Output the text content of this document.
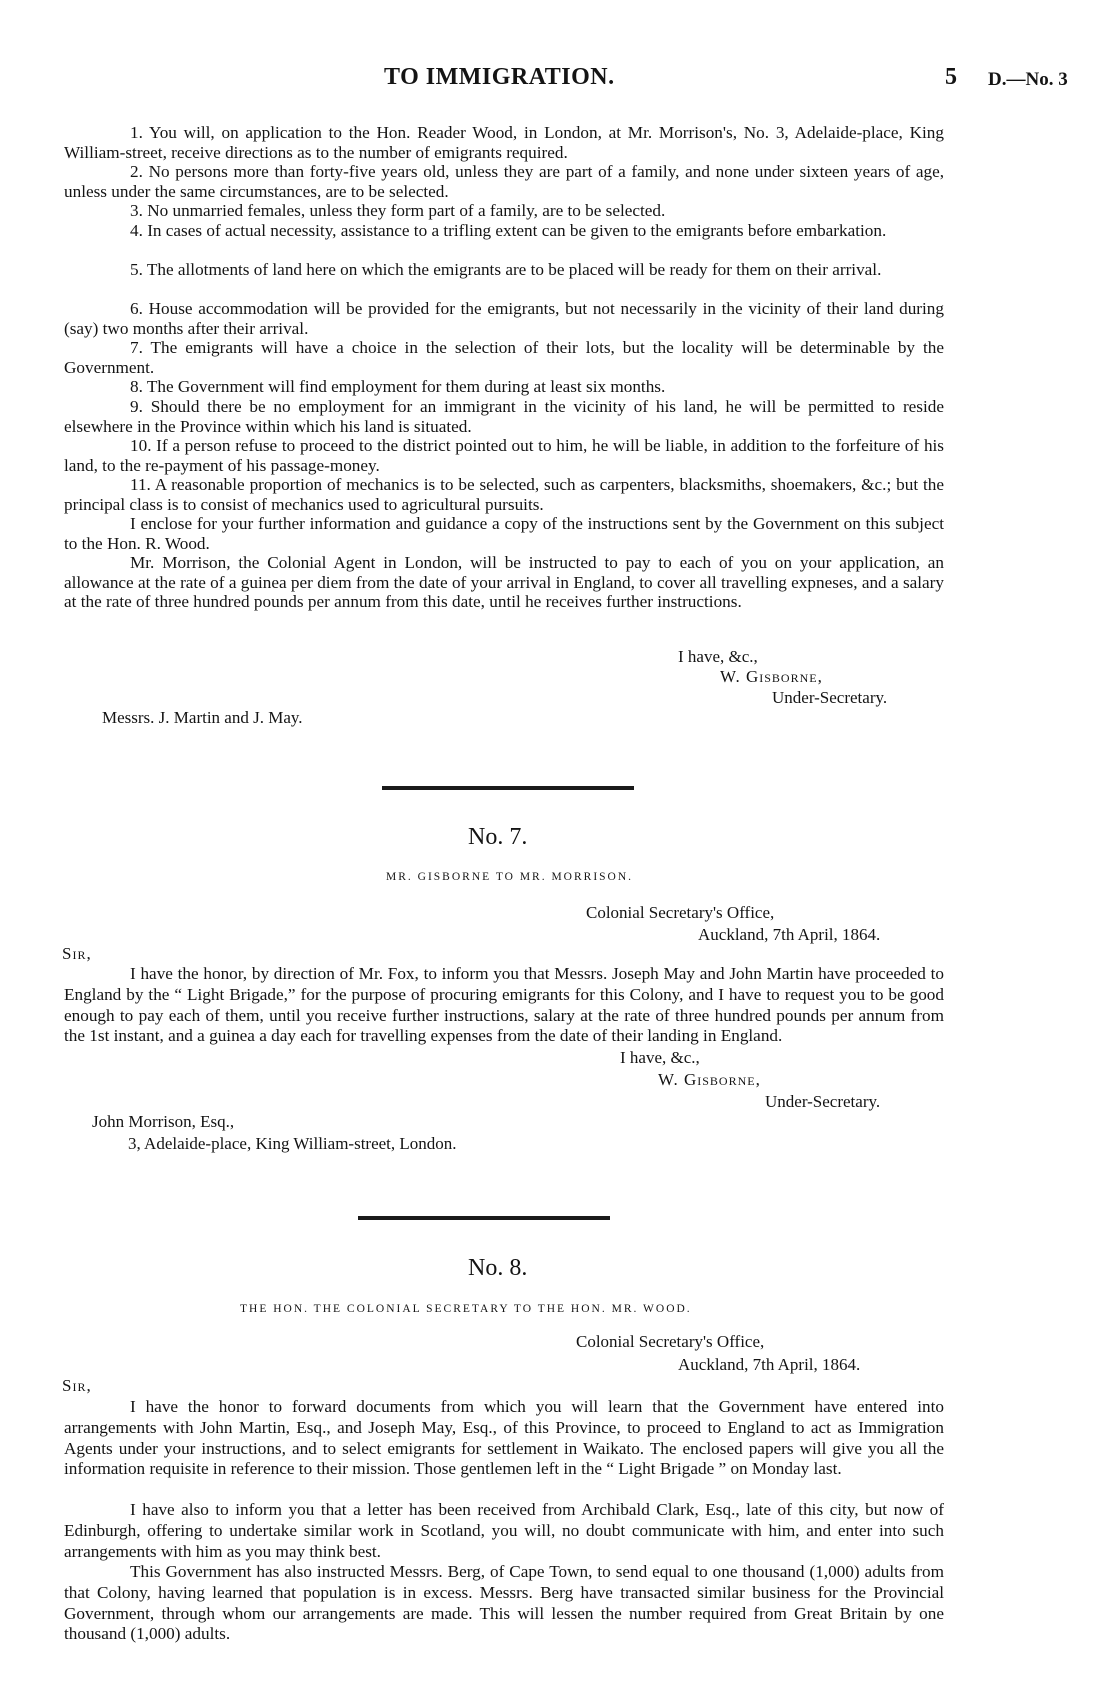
TO IMMIGRATION.	5 D.—No. 3

1. You will, on application to the Hon. Reader Wood, in London, at Mr. Morrison's, No. 3, Adelaide-place, King William-street, receive directions as to the number of emigrants required.

2. No persons more than forty-five years old, unless they are part of a family, and none under sixteen years of age, unless under the same circumstances, are to be selected.

3. No unmarried females, unless they form part of a family, are to be selected.

4. In cases of actual necessity, assistance to a trifling extent can be given to the emigrants before embarkation.

5. The allotments of land here on which the emigrants are to be placed will be ready for them on their arrival.

6. House accommodation will be provided for the emigrants, but not necessarily in the vicinity of their land during (say) two months after their arrival.

7. The emigrants will have a choice in the selection of their lots, but the locality will be determinable by the Government.

8. The Government will find employment for them during at least six months.

9. Should there be no employment for an immigrant in the vicinity of his land, he will be permitted to reside elsewhere in the Province within which his land is situated.

10. If a person refuse to proceed to the district pointed out to him, he will be liable, in addition to the forfeiture of his land, to the re-payment of his passage-money.

11. A reasonable proportion of mechanics is to be selected, such as carpenters, blacksmiths, shoemakers, &c.; but the principal class is to consist of mechanics used to agricultural pursuits.

I enclose for your further information and guidance a copy of the instructions sent by the Government on this subject to the Hon. R. Wood.

Mr. Morrison, the Colonial Agent in London, will be instructed to pay to each of you on your application, an allowance at the rate of a guinea per diem from the date of your arrival in England, to cover all travelling expneses, and a salary at the rate of three hundred pounds per annum from this date, until he receives further instructions.

I have, &c.,
W. Gisborne,
Under-Secretary.
Messrs. J. Martin and J. May.
No. 7.
MR. GISBORNE TO MR. MORRISON.
Colonial Secretary's Office,
Auckland, 7th April, 1864.
Sir,

I have the honor, by direction of Mr. Fox, to inform you that Messrs. Joseph May and John Martin have proceeded to England by the “ Light Brigade,” for the purpose of procuring emigrants for this Colony, and I have to request you to be good enough to pay each of them, until you receive further instructions, salary at the rate of three hundred pounds per annum from the 1st instant, and a guinea a day each for travelling expenses from the date of their landing in England.

I have, &c.,
W. Gisborne,
Under-Secretary.
John Morrison, Esq.,
3, Adelaide-place, King William-street, London.
No. 8.
THE HON. THE COLONIAL SECRETARY TO THE HON. MR. WOOD.
Colonial Secretary's Office,
Auckland, 7th April, 1864.
Sir,

I have the honor to forward documents from which you will learn that the Government have entered into arrangements with John Martin, Esq., and Joseph May, Esq., of this Province, to proceed to England to act as Immigration Agents under your instructions, and to select emigrants for settlement in Waikato. The enclosed papers will give you all the information requisite in reference to their mission. Those gentlemen left in the “ Light Brigade ” on Monday last.

I have also to inform you that a letter has been received from Archibald Clark, Esq., late of this city, but now of Edinburgh, offering to undertake similar work in Scotland, you will, no doubt communicate with him, and enter into such arrangements with him as you may think best.

This Government has also instructed Messrs. Berg, of Cape Town, to send equal to one thousand (1,000) adults from that Colony, having learned that population is in excess. Messrs. Berg have transacted similar business for the Provincial Government, through whom our arrangements are made. This will lessen the number required from Great Britain by one thousand (1,000) adults.
